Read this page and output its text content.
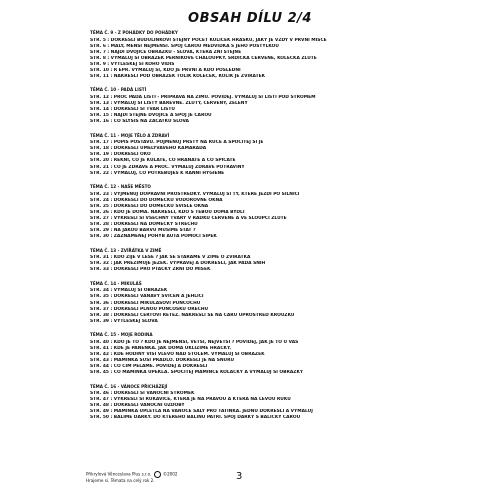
OBSAH DÍLU 2/4
TÉMA Č. 9 - Z POHÁDKY DO POHÁDKY
STR. 5 : DOKRESLI BUDULÍNKOVI STEJNÝ POČET KULIČEK HRÁŠKU, JAKÝ JE VŽDY V PRVNÍ MISCE
STR. 6 : MALÝ, MENŠÍ NEJMENŠÍ. SPOJ ČAROU MEDVÍDKA S JEHO POSTÝLKOU
STR. 7 : NAJDI DVOJICE OBRÁZKŮ - SLOVA, KTERÁ ZNÍ STEJNĚ
STR. 8 : VYMALUJ SI OBRÁZEK PERNÍKOVÉ CHALOUPKY. SRDÍČKA ČERVENĚ, KOLEČKA ŽLUTĚ
STR. 9 : VYTLESKEJ SI KOHO VIDÍŠ
STR. 10 : Ř EPŘ. VYMALUJ SI, KDO JE PRVNÍ A KDO POSLEDNÍ
STR. 11 : NAKRESLI POD OBRÁZEK TOLIK KOLEČEK, KOLIK JE ZVÍŘÁTEK
TÉMA Č. 10 - PADÁ LISTÍ
STR. 12 : PROČ PADÁ LISTÍ - PŘÍPRAVA NA ZIMU. POVÍDEJ. VYMALUJ SI LISTÍ POD STROMEM
STR. 13 : VYMALUJ SI LISTY BAREVNĚ. ŽLUTÝ, ČERVENÝ, ZELENÝ
STR. 14 : DOKRESLI SI TVAR LISTU
STR. 15 : NAJDI STEJNÉ DVOJICE A SPOJ JE ČAROU
STR. 16 : CO SLYŠÍŠ NA ZAČÁTKU SLOVA
TÉMA Č. 11 - MOJE TĚLO A ZDRAVÍ
STR. 17 : POPIŠ POSTAVU. POJMENUJ PRSTY NA RUCE A SPOČÍTEJ SI JE
STR. 18 : DOKRESLI UMĚLÝVAVÉHO KAMARÁDA
STR. 19 : DOKRESLI OKO
STR. 20 : ŘEKNI, CO JE KULATÉ, CO HRANATÉ A CO ŠPIČATÉ
STR. 21 : CO JE ZDRAVÉ A PROČ. VYMALUJ ZDRAVÉ POTRAVINY
STR. 22 : VYMALUJ, CO POTŘEBUJEŠ K RANNÍ HYGIENĚ
TÉMA Č. 12 - NAŠE MĚSTO
STR. 23 : VYJMENUJ DOPRAVNÍ PROSTŘEDKY. VYMALUJ SI TY, KTERÉ JEZDÍ PO SILNICI
STR. 24 : DOKRESLI DO DOMEČKU VODOROVNÉ OKNA
STR. 25 : DOKRESLI DO DOMEČKU SVISLÉ OKNA
STR. 26 : KDO JE DOMA. NAKRESLI, KDO S TEBOU DOMA BYDLÍ
STR. 27 : VYKRESLI SI VŠECHNY TVARY V ŘÁDKU ČERVENĚ A VE SLOUPCI ŽLUTĚ
STR. 28 : DOKRESLI NA DOMEČKY STŘECHU
STR. 29 : NA JAKOU BARVU MUSÍME STÁT ?
STR. 30 : ZAZNAMENEJ POHYB AUTA POMOCÍ ŠIPEK
TÉMA Č. 13 - ZVÍŘÁTKA V ZIMĚ
STR. 31 : KDO ŽIJE V LESE ? JAK SE STARÁME V ZIMĚ O ZVÍŘÁTKA
STR. 32 : JAK PŘEZIMUJE JEŽEK. VYPRÁVĚJ A DOKRESLI, JAK PADÁ SNÍH
STR. 33 : DOKRESLI PRO PTÁČKY ZRNÍ DO MISEK
TÉMA Č. 14 - MIKULÁŠ
STR. 34 : VYMALUJ SI OBRÁZEK
STR. 35 : DOKRESLI VÁNAVÝ SVÍČEN A JEHLIČÍ
STR. 36 : DOKRESLI MIKULÁŠOVI PUNČOCHU
STR. 37 : DOKRESLI PLNOU PUNČOŠKU ORECHŮ
STR. 38 : DOKRESLI ČERTOVI ŘETĚZ. NAKRESLI SE NA ČÁRU UPROSTŘED KROUŽKU
STR. 39 : VYTLESKEJ SLOVA
TÉMA Č. 15 - MOJE RODINA
STR. 40 : KDO JE TO ? KDO JE NEJMENŠÍ, VĚTŠÍ, NEJVĚTŠÍ ? POVÍDEJ, JAK JE TO U VÁS
STR. 41 : KDE JE PANENKA. JAK DOMA UKLÍZÍME HRAČKY.
STR. 42 : KDE HODINY VISÍ VLEVO NAD STOLEM. VYMALUJ SI OBRÁZEK
STR. 43 : MAMINKA SUŠÍ PRÁDLO. DOKRESLI JE NA ŠŇŮRU
STR. 44 : CO ČÍM PĚLAME. POVÍDEJ A DOKRESLI
STR. 45 : CO MAMINKA UPEKLA. SPOČÍTEJ MAMINCE KOLÁČKY A VYMALUJ SI OBRÁZKY
TÉMA Č. 16 - VÁNOCE PŘICHÁZEJÍ
STR. 46 : DOKRESLI SI VÁNOČNÍ STROMEK
STR. 47 : VYKRESLI SI RUKAVICE, KTERÁ JE NA PRAVOU A KTERÁ NA LEVOU RUKU
STR. 48 : DOKRESLI VÁNOČNÍ OZDOBY
STR. 49 : MAMINKA UPLETLA NA VÁNOCE ŠÁLY PRO TATÍNKA. JEDNU DOKRESLI A VYMALUJ
STR. 50 : BALÍME DÁRKY. DO KTERÉHO BALÍNU PATŘÍ. SPOJ DÁRKY S BALÍČKY ČAROU
Přikrylová Věnceslava Plus s.r.o.	©2002
Hrajeme si. Témata na celý rok 2.	3
